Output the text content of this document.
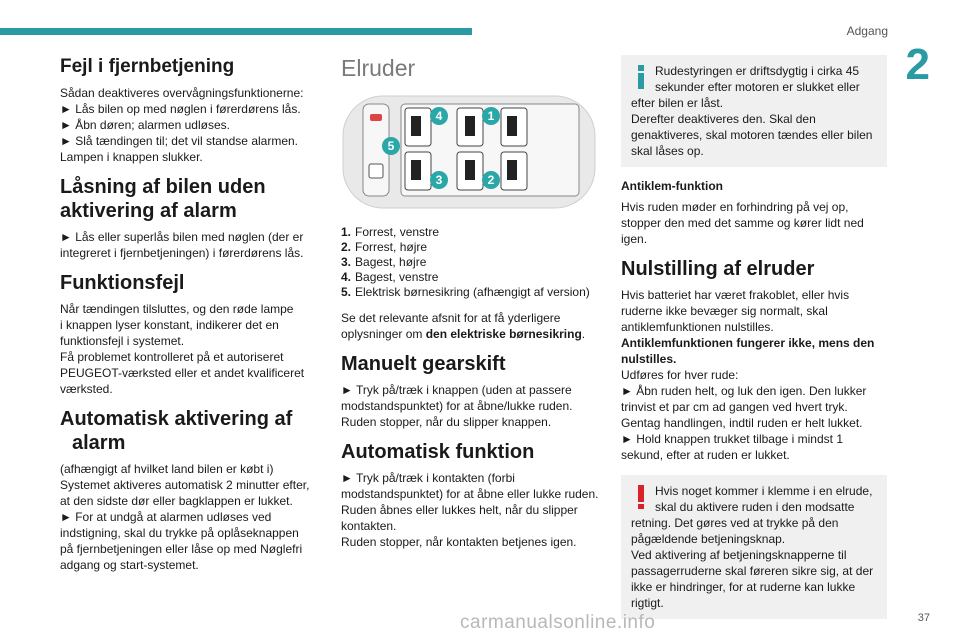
Adgang
2
Fejl i fjernbetjening

Sådan deaktiveres overvågningsfunktionerne:
► Lås bilen op med nøglen i førerdørens lås.
► Åbn døren; alarmen udløses.
► Slå tændingen til; det vil standse alarmen.
Lampen i knappen slukker.

Låsning af bilen uden
aktivering af alarm

► Lås eller superlås bilen med nøglen (der er
integreret i fjernbetjeningen) i førerdørens lås.

Funktionsfejl

Når tændingen tilsluttes, og den røde lampe
i knappen lyser konstant, indikerer det en
funktionsfejl i systemet.
Få problemet kontrolleret på et autoriseret
PEUGEOT-værksted eller et andet kvalificeret
værksted.

Automatisk aktivering af
alarm

(afhængigt af hvilket land bilen er købt i)
Systemet aktiveres automatisk 2 minutter efter,
at den sidste dør eller bagklappen er lukket.
► For at undgå at alarmen udløses ved
indstigning, skal du trykke på oplåseknappen
på fjernbetjeningen eller låse op med Nøglefri
adgang og start-systemet.

Elruder
1
2
3
4
5
1. Forrest, venstre
2. Forrest, højre
3. Bagest, højre
4. Bagest, venstre
5. Elektrisk børnesikring (afhængigt af version)

Se det relevante afsnit for at få yderligere
oplysninger om den elektriske børnesikring.

Manuelt gearskift

► Tryk på/træk i knappen (uden at passere
modstandspunktet) for at åbne/lukke ruden.
Ruden stopper, når du slipper knappen.

Automatisk funktion

► Tryk på/træk i kontakten (forbi
modstandspunktet) for at åbne eller lukke ruden.
Ruden åbnes eller lukkes helt, når du slipper
kontakten.
Ruden stopper, når kontakten betjenes igen.

Rudestyringen er driftsdygtig i cirka 45
sekunder efter motoren er slukket eller
efter bilen er låst.
Derefter deaktiveres den. Skal den
genaktiveres, skal motoren tændes eller bilen
skal låses op.
Antiklem-funktion

Hvis ruden møder en forhindring på vej op,
stopper den med det samme og kører lidt ned
igen.

Nulstilling af elruder

Hvis batteriet har været frakoblet, eller hvis
ruderne ikke bevæger sig normalt, skal
antiklemfunktionen nulstilles.
Antiklemfunktionen fungerer ikke, mens den
nulstilles.
Udføres for hver rude:
► Åbn ruden helt, og luk den igen. Den lukker
trinvist et par cm ad gangen ved hvert tryk.
Gentag handlingen, indtil ruden er helt lukket.
► Hold knappen trukket tilbage i mindst 1
sekund, efter at ruden er lukket.

Hvis noget kommer i klemme i en elrude,
skal du aktivere ruden i den modsatte
retning. Det gøres ved at trykke på den
pågældende betjeningsknap.
Ved aktivering af betjeningsknapperne til
passagerruderne skal føreren sikre sig, at der
ikke er hindringer, for at ruderne kan lukke
rigtigt.
carmanualsonline.info	37
